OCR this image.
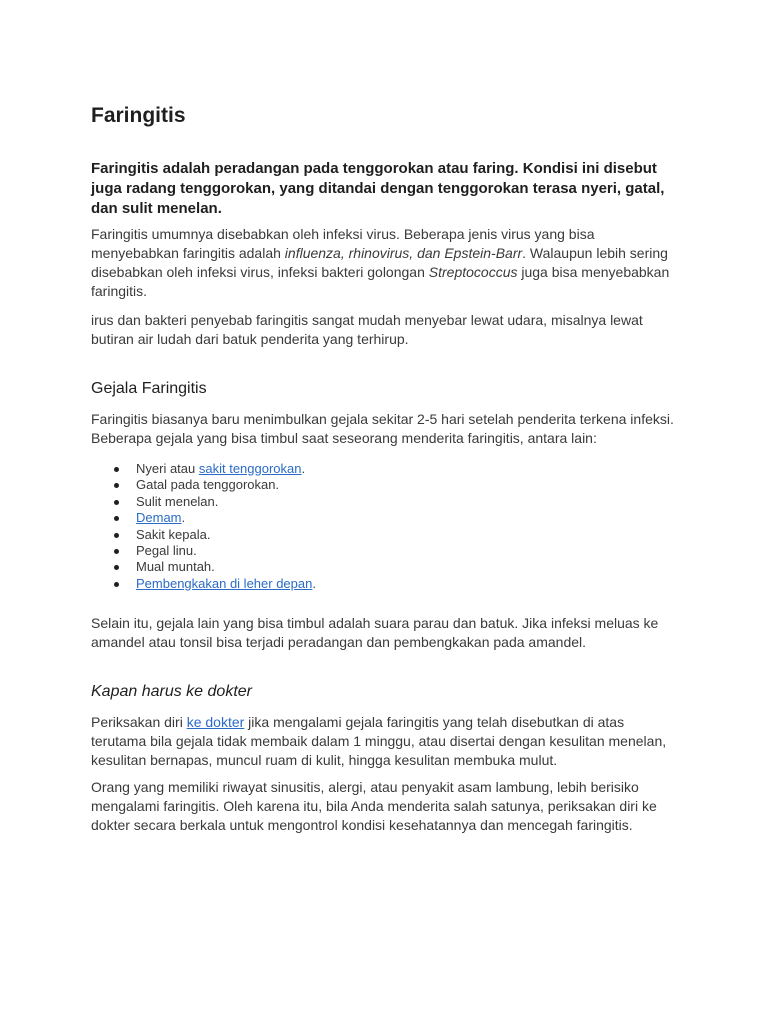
Faringitis

Faringitis adalah peradangan pada tenggorokan atau faring. Kondisi ini disebut juga radang tenggorokan, yang ditandai dengan tenggorokan terasa nyeri, gatal, dan sulit menelan.

Faringitis umumnya disebabkan oleh infeksi virus. Beberapa jenis virus yang bisa menyebabkan faringitis adalah influenza, rhinovirus, dan Epstein-Barr. Walaupun lebih sering disebabkan oleh infeksi virus, infeksi bakteri golongan Streptococcus juga bisa menyebabkan faringitis.

irus dan bakteri penyebab faringitis sangat mudah menyebar lewat udara, misalnya lewat butiran air ludah dari batuk penderita yang terhirup.

Gejala Faringitis

Faringitis biasanya baru menimbulkan gejala sekitar 2-5 hari setelah penderita terkena infeksi. Beberapa gejala yang bisa timbul saat seseorang menderita faringitis, antara lain:

Nyeri atau sakit tenggorokan.
Gatal pada tenggorokan.
Sulit menelan.
Demam.
Sakit kepala.
Pegal linu.
Mual muntah.
Pembengkakan di leher depan.

Selain itu, gejala lain yang bisa timbul adalah suara parau dan batuk. Jika infeksi meluas ke amandel atau tonsil bisa terjadi peradangan dan pembengkakan pada amandel.

Kapan harus ke dokter

Periksakan diri ke dokter jika mengalami gejala faringitis yang telah disebutkan di atas terutama bila gejala tidak membaik dalam 1 minggu, atau disertai dengan kesulitan menelan, kesulitan bernapas, muncul ruam di kulit, hingga kesulitan membuka mulut.

Orang yang memiliki riwayat sinusitis, alergi, atau penyakit asam lambung, lebih berisiko mengalami faringitis. Oleh karena itu, bila Anda menderita salah satunya, periksakan diri ke dokter secara berkala untuk mengontrol kondisi kesehatannya dan mencegah faringitis.
